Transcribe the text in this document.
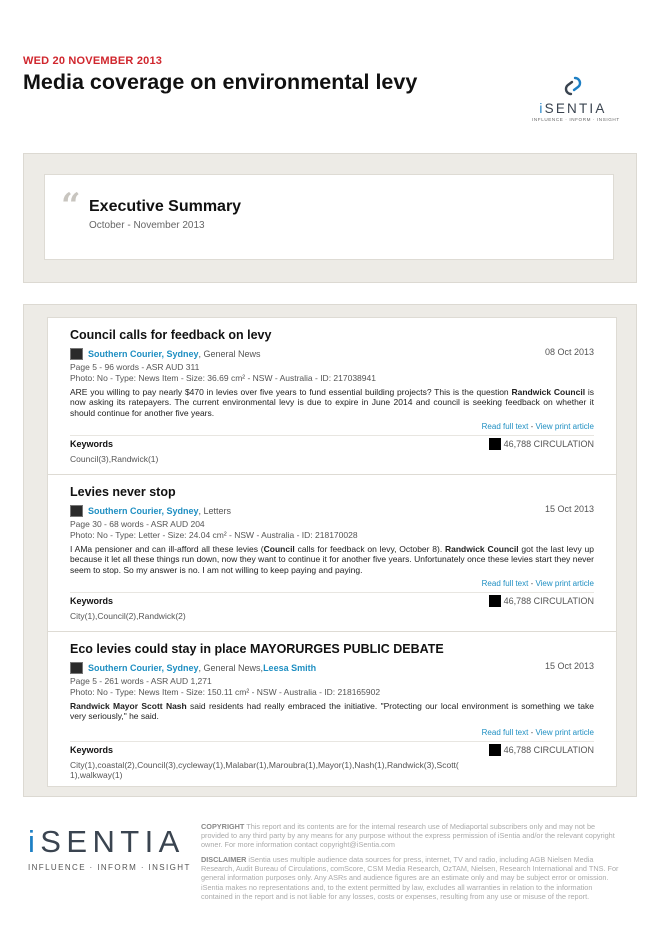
WED 20 NOVEMBER 2013
Media coverage on environmental levy
iSENTIA
INFLUENCE · INFORM · INSIGHT
“ Executive Summary
October - November 2013
Council calls for feedback on levy
Southern Courier, Sydney , General News	08 Oct 2013
Page 5 - 96 words - ASR AUD 311
Photo: No - Type: News Item - Size: 36.69 cm² - NSW - Australia - ID: 217038941
ARE you willing to pay nearly $470 in levies over five years to fund essential building projects? This is the question Randwick Council is now asking its ratepayers. The current environmental levy is due to expire in June 2014 and council is seeking feedback on whether it should continue for another five years.
Read full text - View print article
Keywords	46,788 CIRCULATION
Council(3),Randwick(1)
Levies never stop
Southern Courier, Sydney , Letters	15 Oct 2013
Page 30 - 68 words - ASR AUD 204
Photo: No - Type: Letter - Size: 24.04 cm² - NSW - Australia - ID: 218170028
I AMa pensioner and can ill-afford all these levies (Council calls for feedback on levy, October 8). Randwick Council got the last levy up because it let all these things run down, now they want to continue it for another five years. Unfortunately once these levies start they never seem to stop. So my answer is no. I am not willing to keep paying and paying.
Read full text - View print article
Keywords	46,788 CIRCULATION
City(1),Council(2),Randwick(2)
Eco levies could stay in place MAYORURGES PUBLIC DEBATE
Southern Courier, Sydney , General News, Leesa Smith	15 Oct 2013
Page 5 - 261 words - ASR AUD 1,271
Photo: No - Type: News Item - Size: 150.11 cm² - NSW - Australia - ID: 218165902
Randwick Mayor Scott Nash said residents had really embraced the initiative. "Protecting our local environment is something we take very seriously," he said.
Read full text - View print article
Keywords	46,788 CIRCULATION
City(1),coastal(2),Council(3),cycleway(1),Malabar(1),Maroubra(1),Mayor(1),Nash(1),Randwick(3),Scott( 1),walkway(1)
iSENTIA
INFLUENCE · INFORM · INSIGHT

COPYRIGHT This report and its contents are for the internal research use of Mediaportal subscribers only and may not be provided to any third party by any means for any purpose without the express permission of iSentia and/or the relevant copyright owner. For more information contact copyright@iSentia.com

DISCLAIMER iSentia uses multiple audience data sources for press, internet, TV and radio, including AGB Nielsen Media Research, Audit Bureau of Circulations, comScore, CSM Media Research, OzTAM, Nielsen, Research International and TNS. For general information purposes only. Any ASRs and audience figures are an estimate only and may be subject error or omission. iSentia makes no representations and, to the extent permitted by law, excludes all warranties in relation to the information contained in the report and is not liable for any losses, costs or expenses, resulting from any use or misuse of the report.
